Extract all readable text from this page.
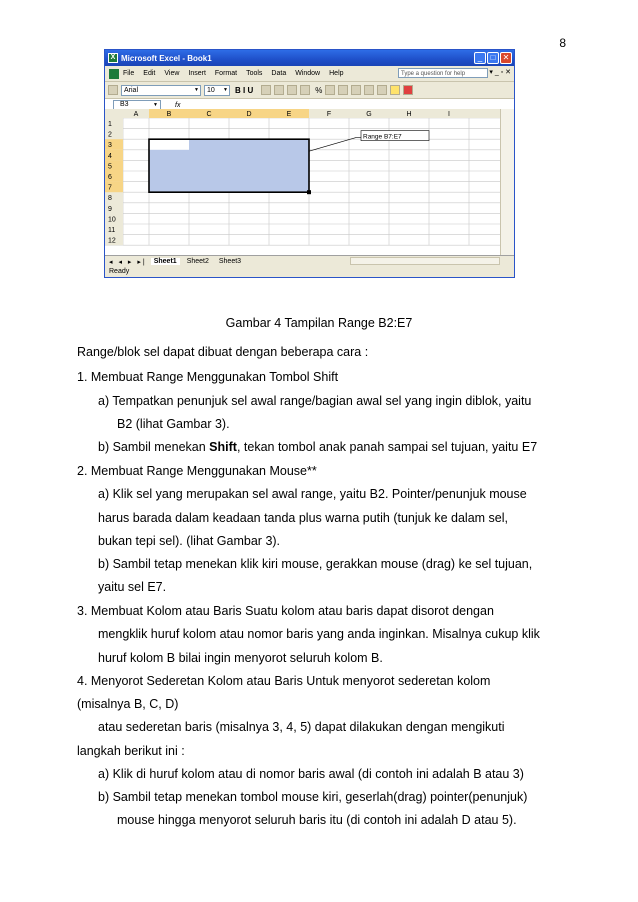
8
X Microsoft Excel - Book1	_	□ ✕
File Edit View Insert Format Tools Data Window Help	Type a question for help	▾ _ ▫ ✕
Arial	▼	10 ▼ B I U	%
B3	▼ fx
A	B	C	D	E	F	G	H	I
1
2
3
4
5
6
7
8
9
10
11
12
Range B7:E7
◂ ◂ ▸ ▸|	Sheet1	Sheet2	Sheet3
Ready
Gambar 4 Tampilan Range B2:E7
Range/blok sel dapat dibuat dengan beberapa cara :
1. Membuat Range Menggunakan Tombol Shift
a) Tempatkan penunjuk sel awal range/bagian awal sel yang ingin diblok, yaitu
B2 (lihat Gambar 3).
b) Sambil menekan Shift, tekan tombol anak panah sampai sel tujuan, yaitu E7
2. Membuat Range Menggunakan Mouse**
a) Klik sel yang merupakan sel awal range, yaitu B2. Pointer/penunjuk mouse
harus barada dalam keadaan tanda plus warna putih (tunjuk ke dalam sel,
bukan tepi sel). (lihat Gambar 3).
b) Sambil tetap menekan klik kiri mouse, gerakkan mouse (drag) ke sel tujuan,
yaitu sel E7.
3. Membuat Kolom atau Baris Suatu kolom atau baris dapat disorot dengan
mengklik huruf kolom atau nomor baris yang anda inginkan. Misalnya cukup klik
huruf kolom B bilai ingin menyorot seluruh kolom B.
4. Menyorot Sederetan Kolom atau Baris Untuk menyorot sederetan kolom
(misalnya B, C, D)
atau sederetan baris (misalnya 3, 4, 5) dapat dilakukan dengan mengikuti
langkah berikut ini :
a) Klik di huruf kolom atau di nomor baris awal (di contoh ini adalah B atau 3)
b) Sambil tetap menekan tombol mouse kiri, geserlah(drag) pointer(penunjuk)
mouse hingga menyorot seluruh baris itu (di contoh ini adalah D atau 5).
